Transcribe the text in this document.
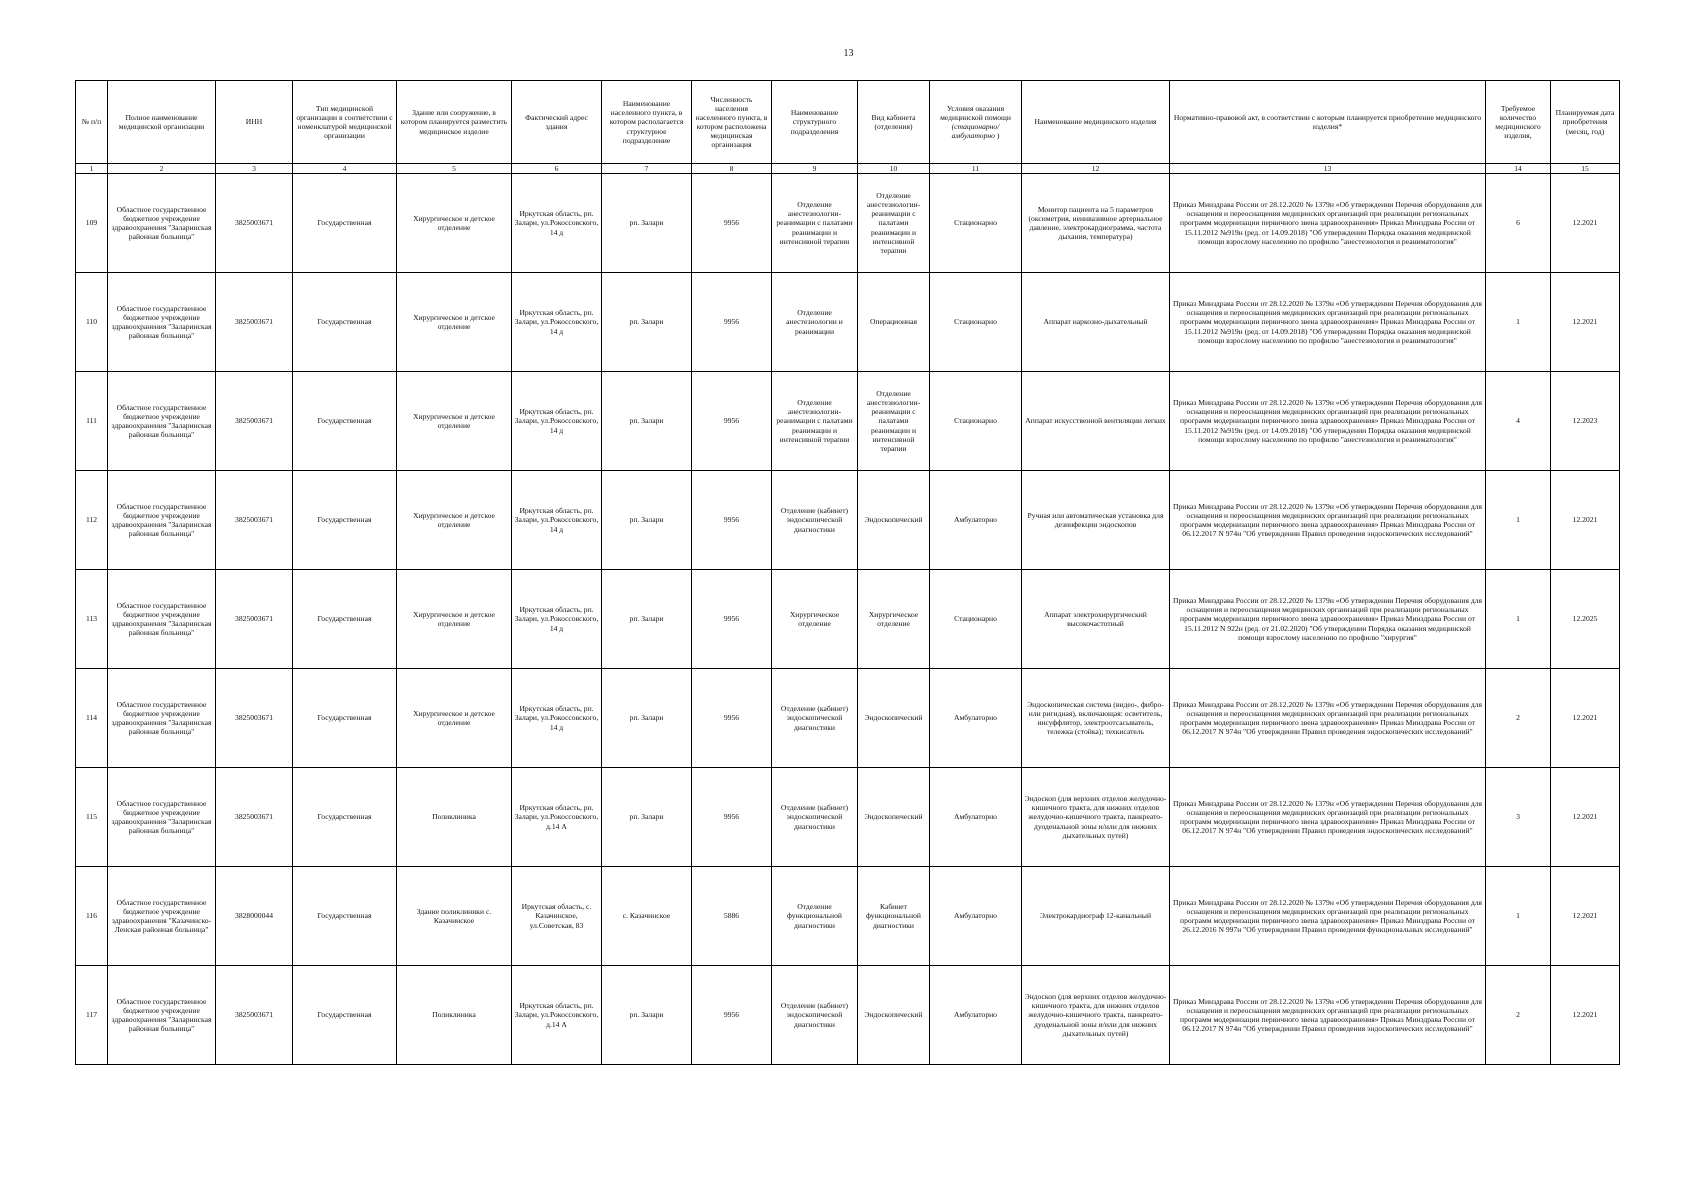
13
№ п/п	Полное наименование медицинской организации	ИНН	Тип медицинской организации в соответствии с номенклатурой медицинской организации	Здание или сооружение, в котором планируется разместить медицинское изделие	Фактический адрес здания	Наименование населенного пункта, в котором располагается структурное подразделение	Численность населения населенного пункта, в котором расположена медицинская организация	Наименование структурного подразделения	Вид кабинета (отделения)	Условия оказания медицинской помощи (стационарно/амбулаторно )	Наименование медицинского изделия	Нормативно-правовой акт, в соответствии с которым планируется приобретение медицинского изделия*	Требуемое количество медицинского изделия,	Планируемая дата приобретения (месяц, год)
1	2	3	4	5	6	7	8	9	10	11	12	13	14	15
109	Областное государственное бюджетное учреждение здравоохранения "Заларинская районная больница"	3825003671	Государственная	Хирургическое и детское отделение	Иркутская область, рп. Залари, ул.Рокоссовского, 14 д	рп. Залари	9956	Отделение анестезиологии-реанимации с палатами реанимации и интенсивной терапии	Отделение анестезиологии-реанимации с палатами реанимации и интенсивной терапии	Стационарно	Монитор пациента на 5 параметров (оксиметрия, неинвазивное артериальное давление, электрокардиограмма, частота дыхания, температура)	Приказ Минздрава России от 28.12.2020 № 1379н «Об утверждении Перечня оборудования для оснащения и переоснащения медицинских организаций при реализации региональных программ модернизации первичного звена здравоохранения» Приказ Минздрава России от 15.11.2012 №919н (ред. от 14.09.2018) "Об утверждении Порядка оказания медицинской помощи взрослому населению по профилю "анестезиология и реаниматология"	6	12.2021
110	Областное государственное бюджетное учреждение здравоохранения "Заларинская районная больница"	3825003671	Государственная	Хирургическое и детское отделение	Иркутская область, рп. Залари, ул.Рокоссовского, 14 д	рп. Залари	9956	Отделение анестезиологии и реанимации	Операционная	Стационарно	Аппарат наркозно-дыхательный	Приказ Минздрава России от 28.12.2020 № 1379н «Об утверждении Перечня оборудования для оснащения и переоснащения медицинских организаций при реализации региональных программ модернизации первичного звена здравоохранения» Приказ Минздрава России от 15.11.2012 №919н (ред. от 14.09.2018) "Об утверждении Порядка оказания медицинской помощи взрослому населению по профилю "анестезиология и реаниматология"	1	12.2021
111	Областное государственное бюджетное учреждение здравоохранения "Заларинская районная больница"	3825003671	Государственная	Хирургическое и детское отделение	Иркутская область, рп. Залари, ул.Рокоссовского, 14 д	рп. Залари	9956	Отделение анестезиологии-реанимации с палатами реанимации и интенсивной терапии	Отделение анестезиологии-реанимации с палатами реанимации и интенсивной терапии	Стационарно	Аппарат искусственной вентиляции легких	Приказ Минздрава России от 28.12.2020 № 1379н «Об утверждении Перечня оборудования для оснащения и переоснащения медицинских организаций при реализации региональных программ модернизации первичного звена здравоохранения» Приказ Минздрава России от 15.11.2012 №919н (ред. от 14.09.2018) "Об утверждении Порядка оказания медицинской помощи взрослому населению по профилю "анестезиология и реаниматология"	4	12.2023
112	Областное государственное бюджетное учреждение здравоохранения "Заларинская районная больница"	3825003671	Государственная	Хирургическое и детское отделение	Иркутская область, рп. Залари, ул.Рокоссовского, 14 д	рп. Залари	9956	Отделение (кабинет) эндоскопической диагностики	Эндоскопический	Амбулаторно	Ручная или автоматическая установка для дезинфекции эндоскопов	Приказ Минздрава России от 28.12.2020 № 1379н «Об утверждении Перечня оборудования для оснащения и переоснащения медицинских организаций при реализации региональных программ модернизации первичного звена здравоохранения» Приказ Минздрава России от 06.12.2017 N 974н "Об утверждении Правил проведения эндоскопических исследований"	1	12.2021
113	Областное государственное бюджетное учреждение здравоохранения "Заларинская районная больница"	3825003671	Государственная	Хирургическое и детское отделение	Иркутская область, рп. Залари, ул.Рокоссовского, 14 д	рп. Залари	9956	Хирургическое отделение	Хирургическое отделение	Стационарно	Аппарат электрохирургический высокочастотный	Приказ Минздрава России от 28.12.2020 № 1379н «Об утверждении Перечня оборудования для оснащения и переоснащения медицинских организаций при реализации региональных программ модернизации первичного звена здравоохранения» Приказ Минздрава России от 15.11.2012 N 922н (ред. от 21.02.2020) "Об утверждении Порядка оказания медицинской помощи взрослому населению по профилю "хирургия"	1	12.2025
114	Областное государственное бюджетное учреждение здравоохранения "Заларинская районная больница"	3825003671	Государственная	Хирургическое и детское отделение	Иркутская область, рп. Залари, ул.Рокоссовского, 14 д	рп. Залари	9956	Отделение (кабинет) эндоскопической диагностики	Эндоскопический	Амбулаторно	Эндоскопическая система (видео-, фибро- или ригидная), включающая: осветитель, инсуффлятор, электроотсасыватель, тележка (стойка); техкисатель	Приказ Минздрава России от 28.12.2020 № 1379н «Об утверждении Перечня оборудования для оснащения и переоснащения медицинских организаций при реализации региональных программ модернизации первичного звена здравоохранения» Приказ Минздрава России от 06.12.2017 N 974н "Об утверждении Правил проведения эндоскопических исследований"	2	12.2021
115	Областное государственное бюджетное учреждение здравоохранения "Заларинская районная больница"	3825003671	Государственная	Поликлиника	Иркутская область, рп. Залари, ул.Рокоссовского, д.14 А	рп. Залари	9956	Отделение (кабинет) эндоскопической диагностики	Эндоскопический	Амбулаторно	Эндоскоп (для верхних отделов желудочно-кишечного тракта, для нижних отделов желудочно-кишечного тракта, панкреато-дуоденальной зоны и/или для нижних дыхательных путей)	Приказ Минздрава России от 28.12.2020 № 1379н «Об утверждении Перечня оборудования для оснащения и переоснащения медицинских организаций при реализации региональных программ модернизации первичного звена здравоохранения» Приказ Минздрава России от 06.12.2017 N 974н "Об утверждении Правил проведения эндоскопических исследований"	3	12.2021
116	Областное государственное бюджетное учреждение здравоохранения "Казачинско-Ленская районная больница"	3828000044	Государственная	Здание поликлиники с. Казачинское	Иркутская область, с. Казачинское, ул.Советская, 83	с. Казачинское	5886	Отделение функциональной диагностики	Кабинет функциональной диагностики	Амбулаторно	Электрокардиограф 12-канальный	Приказ Минздрава России от 28.12.2020 № 1379н «Об утверждении Перечня оборудования для оснащения и переоснащения медицинских организаций при реализации региональных программ модернизации первичного звена здравоохранения» Приказ Минздрава России от 26.12.2016 N 997н "Об утверждении Правил проведения функциональных исследований"	1	12.2021
117	Областное государственное бюджетное учреждение здравоохранения "Заларинская районная больница"	3825003671	Государственная	Поликлиника	Иркутская область, рп. Залари, ул.Рокоссовского, д.14 А	рп. Залари	9956	Отделение (кабинет) эндоскопической диагностики	Эндоскопический	Амбулаторно	Эндоскоп (для верхних отделов желудочно-кишечного тракта, для нижних отделов желудочно-кишечного тракта, панкреато-дуоденальной зоны и/или для нижних дыхательных путей)	Приказ Минздрава России от 28.12.2020 № 1379н «Об утверждении Перечня оборудования для оснащения и переоснащения медицинских организаций при реализации региональных программ модернизации первичного звена здравоохранения» Приказ Минздрава России от 06.12.2017 N 974н "Об утверждении Правил проведения эндоскопических исследований"	2	12.2021
